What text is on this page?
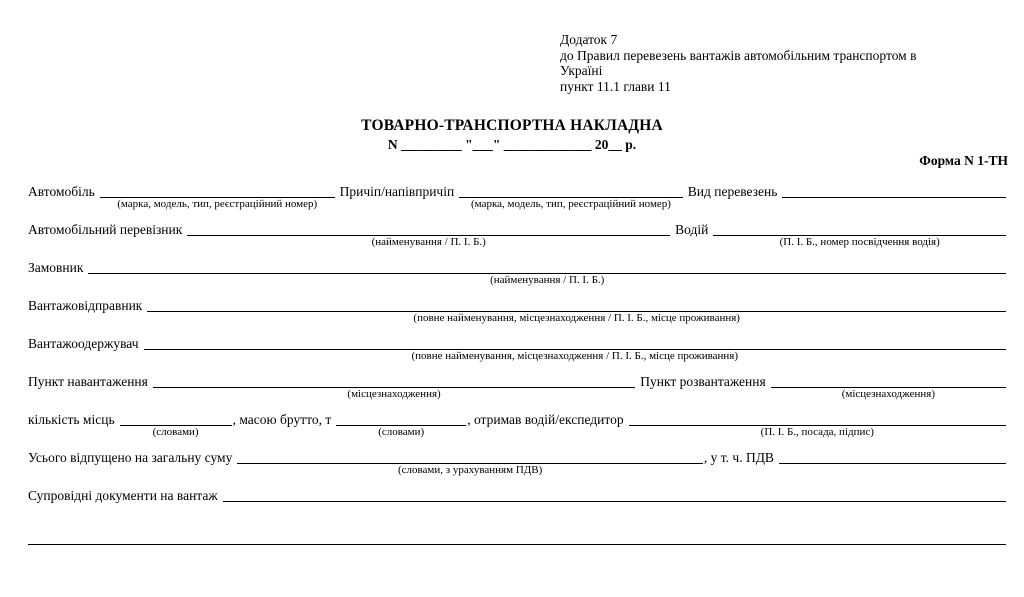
Додаток 7
до Правил перевезень вантажів автомобільним транспортом в
Україні
пункт 11.1 глави 11
ТОВАРНО-ТРАНСПОРТНА НАКЛАДНА
N _________ "___" _____________ 20__ р.
Форма N 1-ТН
Автомобіль
(марка, модель, тип, реєстраційний номер)
Причіп/напівпричіп
(марка, модель, тип, реєстраційний номер)
Вид перевезень
Автомобільний перевізник
(найменування / П. І. Б.)
Водій
(П. І. Б., номер посвідчення водія)
Замовник
(найменування / П. І. Б.)
Вантажовідправник
(повне найменування, місцезнаходження / П. І. Б., місце проживання)
Вантажоодержувач
(повне найменування, місцезнаходження / П. І. Б., місце проживання)
Пункт навантаження
(місцезнаходження)
Пункт розвантаження
(місцезнаходження)
кількість місць
(словами)
, масою брутто, т
(словами)
, отримав водій/експедитор
(П. І. Б., посада, підпис)
Усього відпущено на загальну суму
(словами, з урахуванням ПДВ)
, у т. ч. ПДВ
Супровідні документи на вантаж
